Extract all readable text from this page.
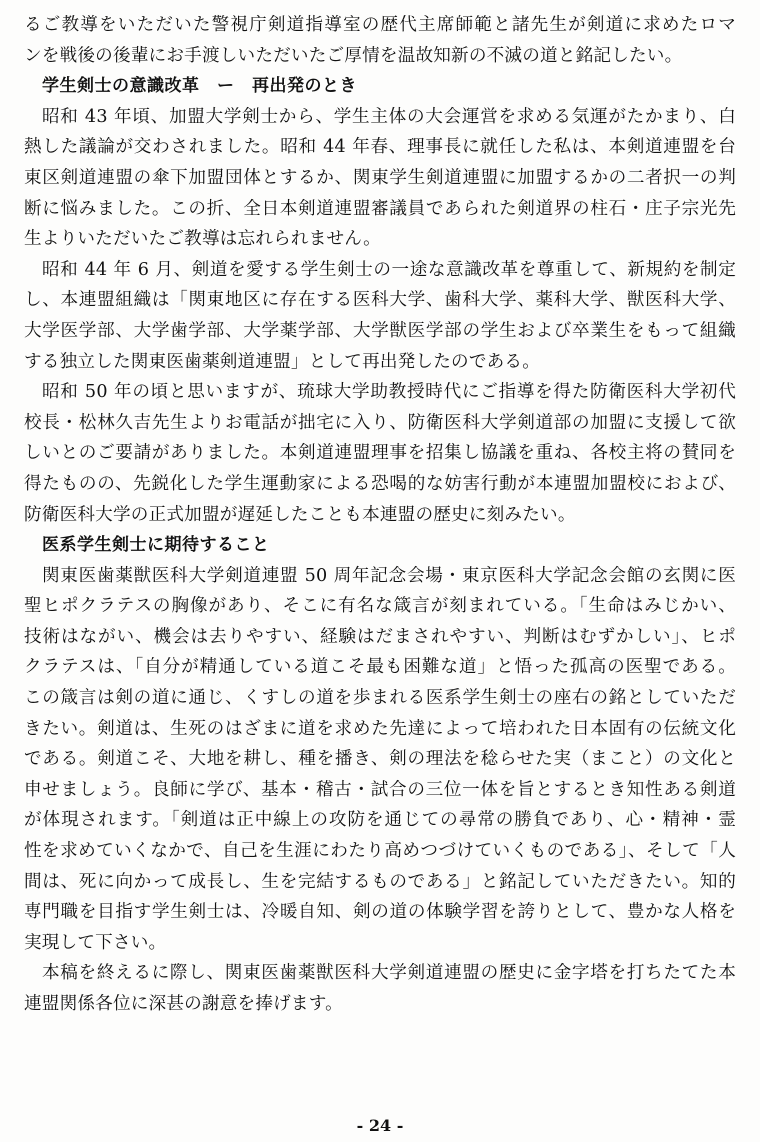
るご教導をいただいた警視庁剣道指導室の歴代主席師範と諸先生が剣道に求めたロマ
ンを戦後の後輩にお手渡しいただいたご厚情を温故知新の不滅の道と銘記したい。
学生剣士の意識改革　ー　再出発のとき
昭和 43 年頃、加盟大学剣士から、学生主体の大会運営を求める気運がたかまり、白
熱した議論が交わされました。昭和 44 年春、理事長に就任した私は、本剣道連盟を台
東区剣道連盟の傘下加盟団体とするか、関東学生剣道連盟に加盟するかの二者択一の判
断に悩みました。この折、全日本剣道連盟審議員であられた剣道界の柱石・庄子宗光先
生よりいただいたご教導は忘れられません。
昭和 44 年 6 月、剣道を愛する学生剣士の一途な意識改革を尊重して、新規約を制定
し、本連盟組織は「関東地区に存在する医科大学、歯科大学、薬科大学、獣医科大学、
大学医学部、大学歯学部、大学薬学部、大学獣医学部の学生および卒業生をもって組織
する独立した関東医歯薬剣道連盟」として再出発したのである。
昭和 50 年の頃と思いますが、琉球大学助教授時代にご指導を得た防衛医科大学初代
校長・松林久吉先生よりお電話が拙宅に入り、防衛医科大学剣道部の加盟に支援して欲
しいとのご要請がありました。本剣道連盟理事を招集し協議を重ね、各校主将の賛同を
得たものの、先鋭化した学生運動家による恐喝的な妨害行動が本連盟加盟校におよび、
防衛医科大学の正式加盟が遅延したことも本連盟の歴史に刻みたい。
医系学生剣士に期待すること
関東医歯薬獣医科大学剣道連盟 50 周年記念会場・東京医科大学記念会館の玄関に医
聖ヒポクラテスの胸像があり、そこに有名な箴言が刻まれている。「生命はみじかい、
技術はながい、機会は去りやすい、経験はだまされやすい、判断はむずかしい」、ヒポ
クラテスは、「自分が精通している道こそ最も困難な道」と悟った孤高の医聖である。
この箴言は剣の道に通じ、くすしの道を歩まれる医系学生剣士の座右の銘としていただ
きたい。剣道は、生死のはざまに道を求めた先達によって培われた日本固有の伝統文化
である。剣道こそ、大地を耕し、種を播き、剣の理法を稔らせた実（まこと）の文化と
申せましょう。良師に学び、基本・稽古・試合の三位一体を旨とするとき知性ある剣道
が体現されます。「剣道は正中線上の攻防を通じての尋常の勝負であり、心・精神・霊
性を求めていくなかで、自己を生涯にわたり高めつづけていくものである」、そして「人
間は、死に向かって成長し、生を完結するものである」と銘記していただきたい。知的
専門職を目指す学生剣士は、冷暖自知、剣の道の体験学習を誇りとして、豊かな人格を
実現して下さい。
本稿を終えるに際し、関東医歯薬獣医科大学剣道連盟の歴史に金字塔を打ちたてた本
連盟関係各位に深甚の謝意を捧げます。
- 24 -
